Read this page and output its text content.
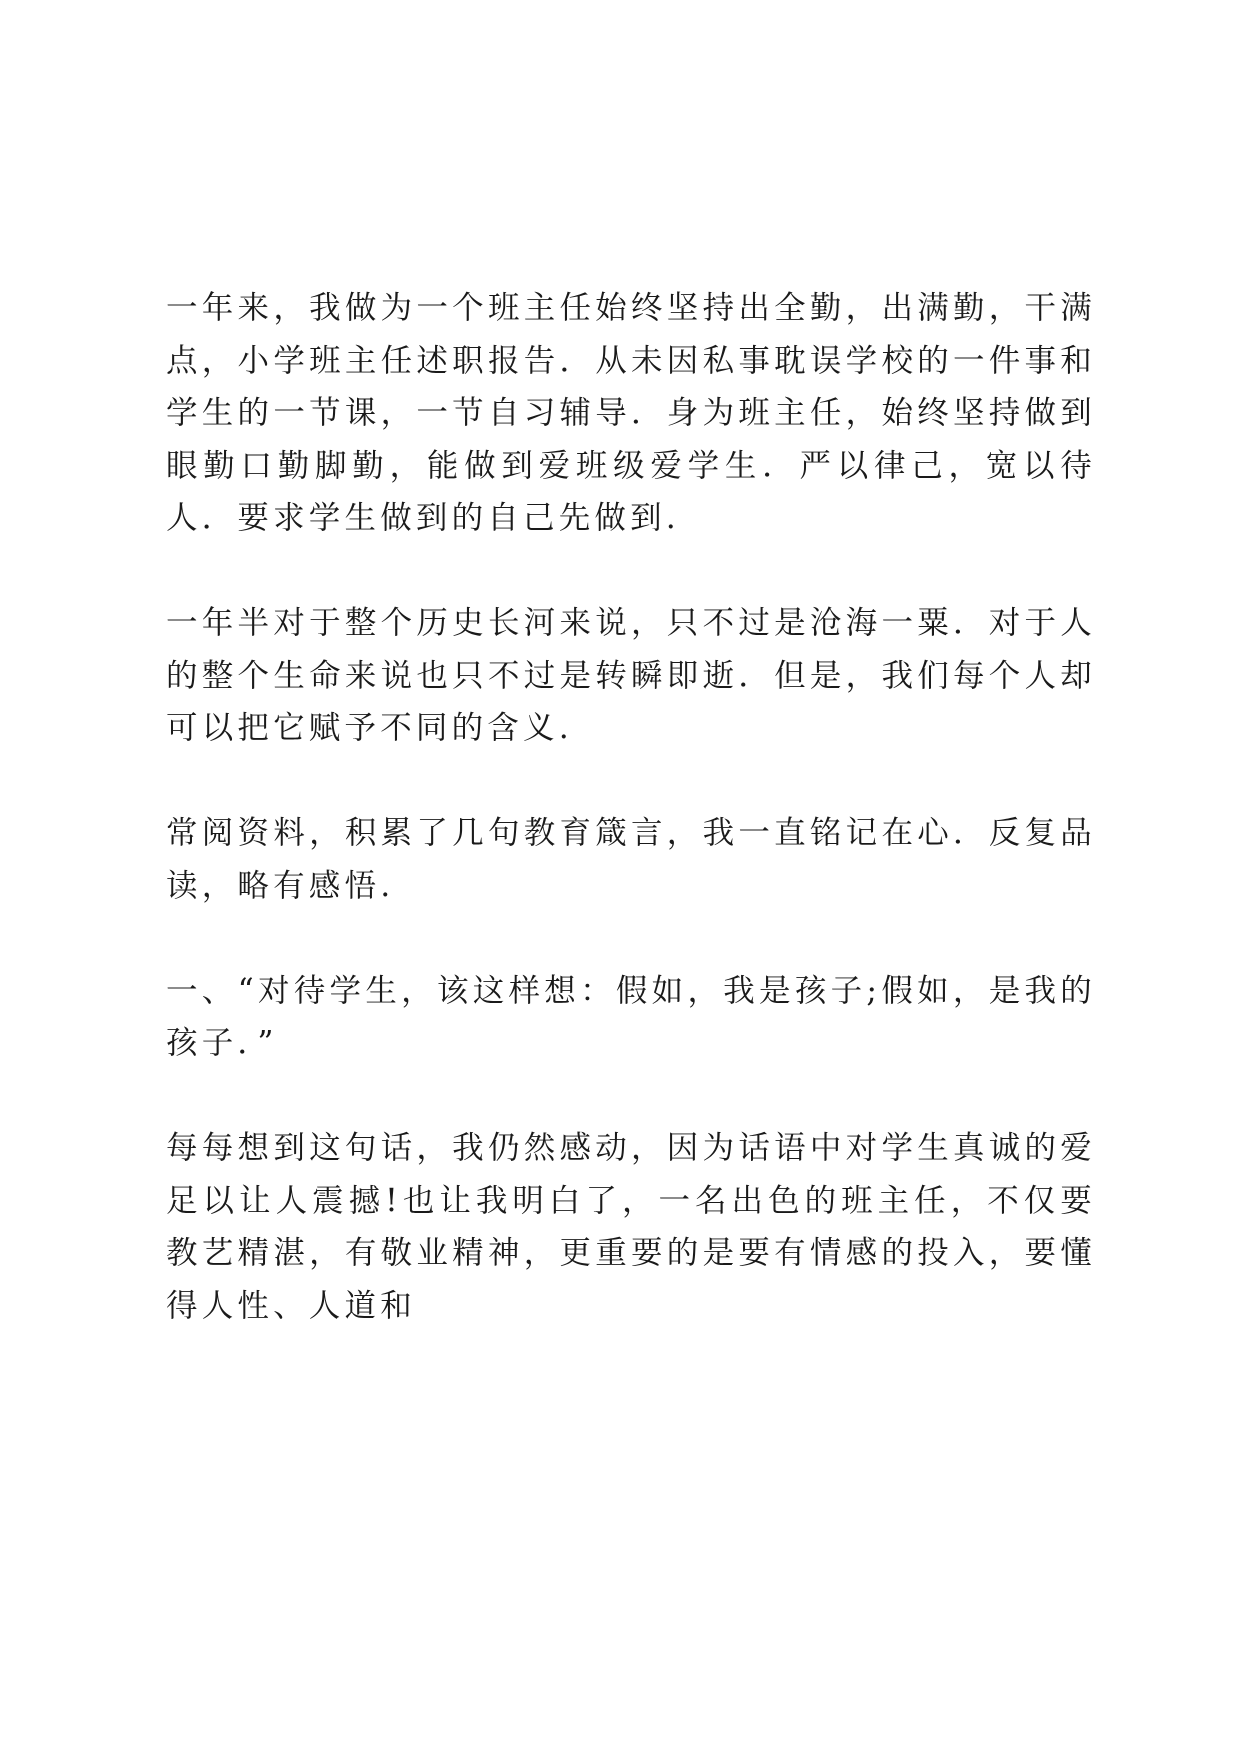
一年来，我做为一个班主任始终坚持出全勤，出满勤，干满点，小学班主任述职报告．从未因私事耽误学校的一件事和学生的一节课，一节自习辅导．身为班主任，始终坚持做到眼勤口勤脚勤，能做到爱班级爱学生．严以律己，宽以待人．要求学生做到的自己先做到.

一年半对于整个历史长河来说，只不过是沧海一粟．对于人的整个生命来说也只不过是转瞬即逝．但是，我们每个人却可以把它赋予不同的含义.

常阅资料，积累了几句教育箴言，我一直铭记在心．反复品读，略有感悟.

一、“对待学生，该这样想：假如，我是孩子;假如，是我的孩子．”

每每想到这句话，我仍然感动，因为话语中对学生真诚的爱足以让人震撼!也让我明白了，一名出色的班主任，不仅要教艺精湛，有敬业精神，更重要的是要有情感的投入，要懂得人性、人道和
